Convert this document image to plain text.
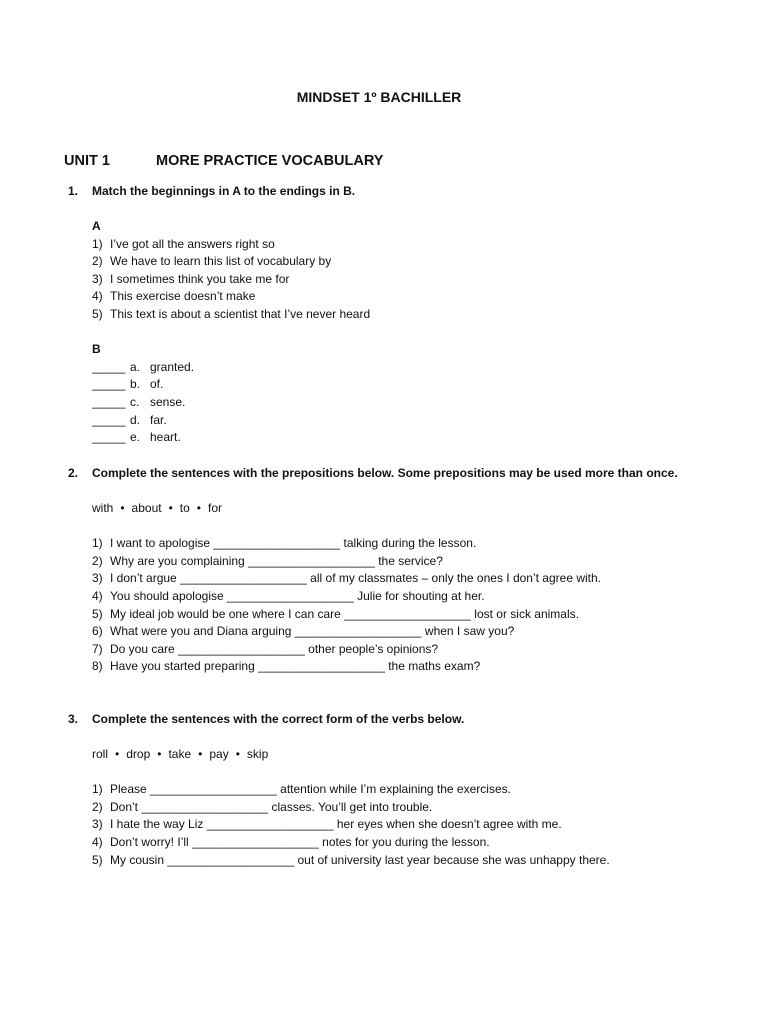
MINDSET 1º BACHILLER
UNIT 1	MORE PRACTICE VOCABULARY
1.	Match the beginnings in A to the endings in B.
A
1) I’ve got all the answers right so
2) We have to learn this list of vocabulary by
3) I sometimes think you take me for
4) This exercise doesn’t make
5) This text is about a scientist that I’ve never heard
B
_____ a. granted.
_____ b. of.
_____ c. sense.
_____ d. far.
_____ e. heart.
2.	Complete the sentences with the prepositions below. Some prepositions may be used more than once.
with • about • to • for
1) I want to apologise ___________________ talking during the lesson.
2) Why are you complaining ___________________ the service?
3) I don’t argue ___________________ all of my classmates – only the ones I don’t agree with.
4) You should apologise ___________________ Julie for shouting at her.
5) My ideal job would be one where I can care ___________________ lost or sick animals.
6) What were you and Diana arguing ___________________ when I saw you?
7) Do you care ___________________ other people’s opinions?
8) Have you started preparing ___________________ the maths exam?
3.	Complete the sentences with the correct form of the verbs below.
roll • drop • take • pay • skip
1) Please ___________________ attention while I’m explaining the exercises.
2) Don’t ___________________ classes. You’ll get into trouble.
3) I hate the way Liz ___________________ her eyes when she doesn’t agree with me.
4) Don’t worry! I’ll ___________________ notes for you during the lesson.
5) My cousin ___________________ out of university last year because she was unhappy there.
